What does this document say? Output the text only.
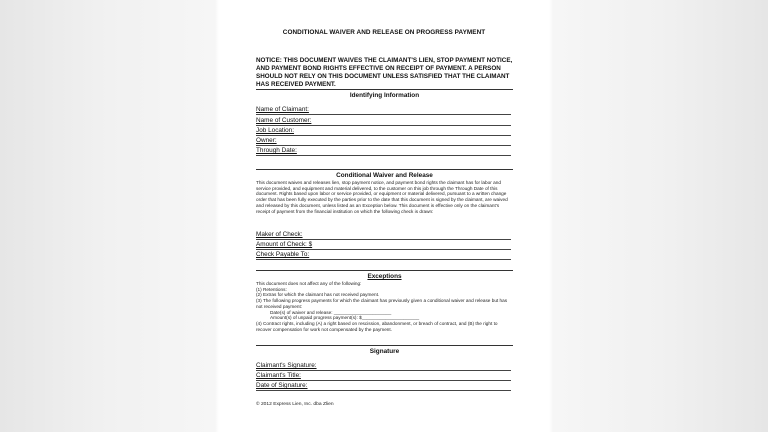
CONDITIONAL WAIVER AND RELEASE ON PROGRESS PAYMENT
NOTICE: THIS DOCUMENT WAIVES THE CLAIMANT'S LIEN, STOP PAYMENT NOTICE, AND PAYMENT BOND RIGHTS EFFECTIVE ON RECEIPT OF PAYMENT. A PERSON SHOULD NOT RELY ON THIS DOCUMENT UNLESS SATISFIED THAT THE CLAIMANT HAS RECEIVED PAYMENT.
Identifying Information
Name of Claimant:
Name of Customer:
Job Location:
Owner:
Through Date:
Conditional Waiver and Release
This document waives and releases lien, stop payment notice, and payment bond rights the claimant has for labor and service provided, and equipment and material delivered, to the customer on this job through the Through Date of this document. Rights based upon labor or service provided, or equipment or material delivered, pursuant to a written change order that has been fully executed by the parties prior to the date that this document is signed by the claimant, are waived and released by this document, unless listed as an Exception below. This document is effective only on the claimant's receipt of payment from the financial institution on which the following check is drawn:
Maker of Check:
Amount of Check: $
Check Payable To:
Exceptions
This document does not affect any of the following:
(1) Retentions:
(2) Extras for which the claimant has not received payment.
(3) The following progress payments for which the claimant has previously given a conditional waiver and release but has not received payment:
Date(s) of waiver and release: ______________________
Amount(s) of unpaid progress payment(s): $______________________
(4) Contract rights, including (A) a right based on rescission, abandonment, or breach of contract, and (B) the right to recover compensation for work not compensated by the payment.
Signature
Claimant's Signature:
Claimant's Title:
Date of Signature:
© 2012 Express Lien, Inc. dba Zlien
